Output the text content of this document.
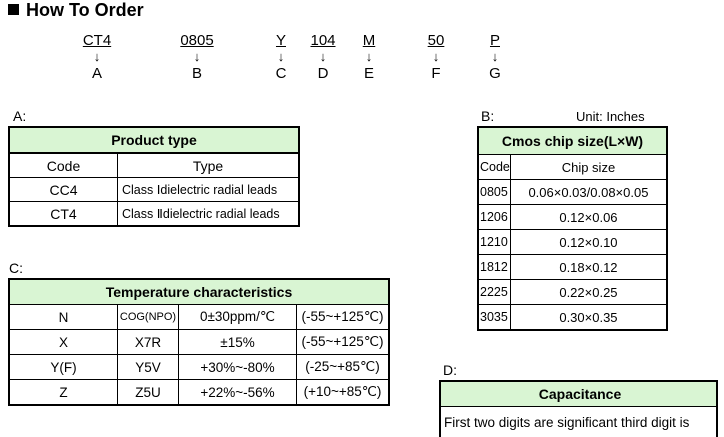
How To Order
CT4
↓
A
0805
↓
B
Y
↓
C
104
↓
D
M
↓
E
50
↓
F
P
↓
G
A:
Product type	
Code	Type
CC4	Class Ⅰdielectric radial leads
CT4	Class Ⅱdielectric radial leads
B:	Unit: Inches
Cmos chip size(L×W)	
Code	Chip size
0805	0.06×0.03/0.08×0.05
1206	0.12×0.06
1210	0.12×0.10
1812	0.18×0.12
2225	0.22×0.25
3035	0.30×0.35
C:
Temperature characteristics			
N	COG(NPO)	0±30ppm/℃	(-55~+125℃)
X	X7R	±15%	(-55~+125℃)
Y(F)	Y5V	+30%~-80%	(-25~+85℃)
Z	Z5U	+22%~-56%	(+10~+85℃)
D:
Capacitance
First two digits are significant third digit is
